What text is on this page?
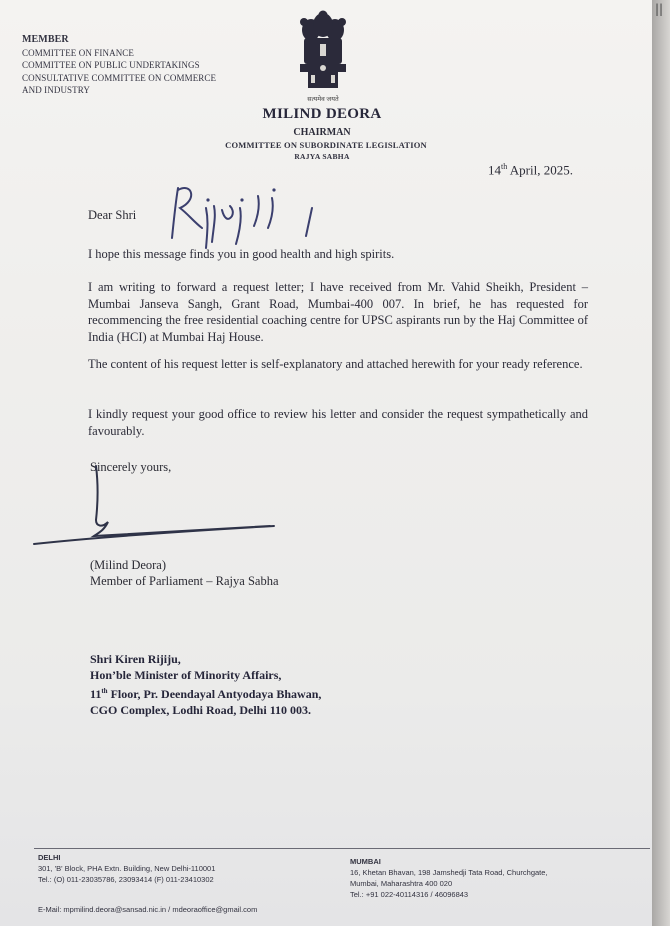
MEMBER
COMMITTEE ON FINANCE
COMMITTEE ON PUBLIC UNDERTAKINGS
CONSULTATIVE COMMITTEE ON COMMERCE
AND INDUSTRY
सत्यमेव जयते
MILIND DEORA
CHAIRMAN
COMMITTEE ON SUBORDINATE LEGISLATION
RAJYA SABHA
14th April, 2025.
Dear Shri
I hope this message finds you in good health and high spirits.
I am writing to forward a request letter; I have received from Mr. Vahid Sheikh, President – Mumbai Janseva Sangh, Grant Road, Mumbai-400 007. In brief, he has requested for recommencing the free residential coaching centre for UPSC aspirants run by the Haj Committee of India (HCI) at Mumbai Haj House.
The content of his request letter is self-explanatory and attached herewith for your ready reference.
I kindly request your good office to review his letter and consider the request sympathetically and favourably.
Sincerely yours,
(Milind Deora)
Member of Parliament – Rajya Sabha
Shri Kiren Rijiju,
Hon’ble Minister of Minority Affairs,
11th Floor, Pr. Deendayal Antyodaya Bhawan,
CGO Complex, Lodhi Road, Delhi 110 003.
DELHI
301, 'B' Block, PHA Extn. Building, New Delhi-110001
Tel.: (O) 011-23035786, 23093414 (F) 011-23410302
MUMBAI
16, Khetan Bhavan, 198 Jamshedji Tata Road, Churchgate,
Mumbai, Maharashtra 400 020
Tel.: +91 022-40114316 / 46096843
E-Mail: mpmilind.deora@sansad.nic.in / mdeoraoffice@gmail.com
||
